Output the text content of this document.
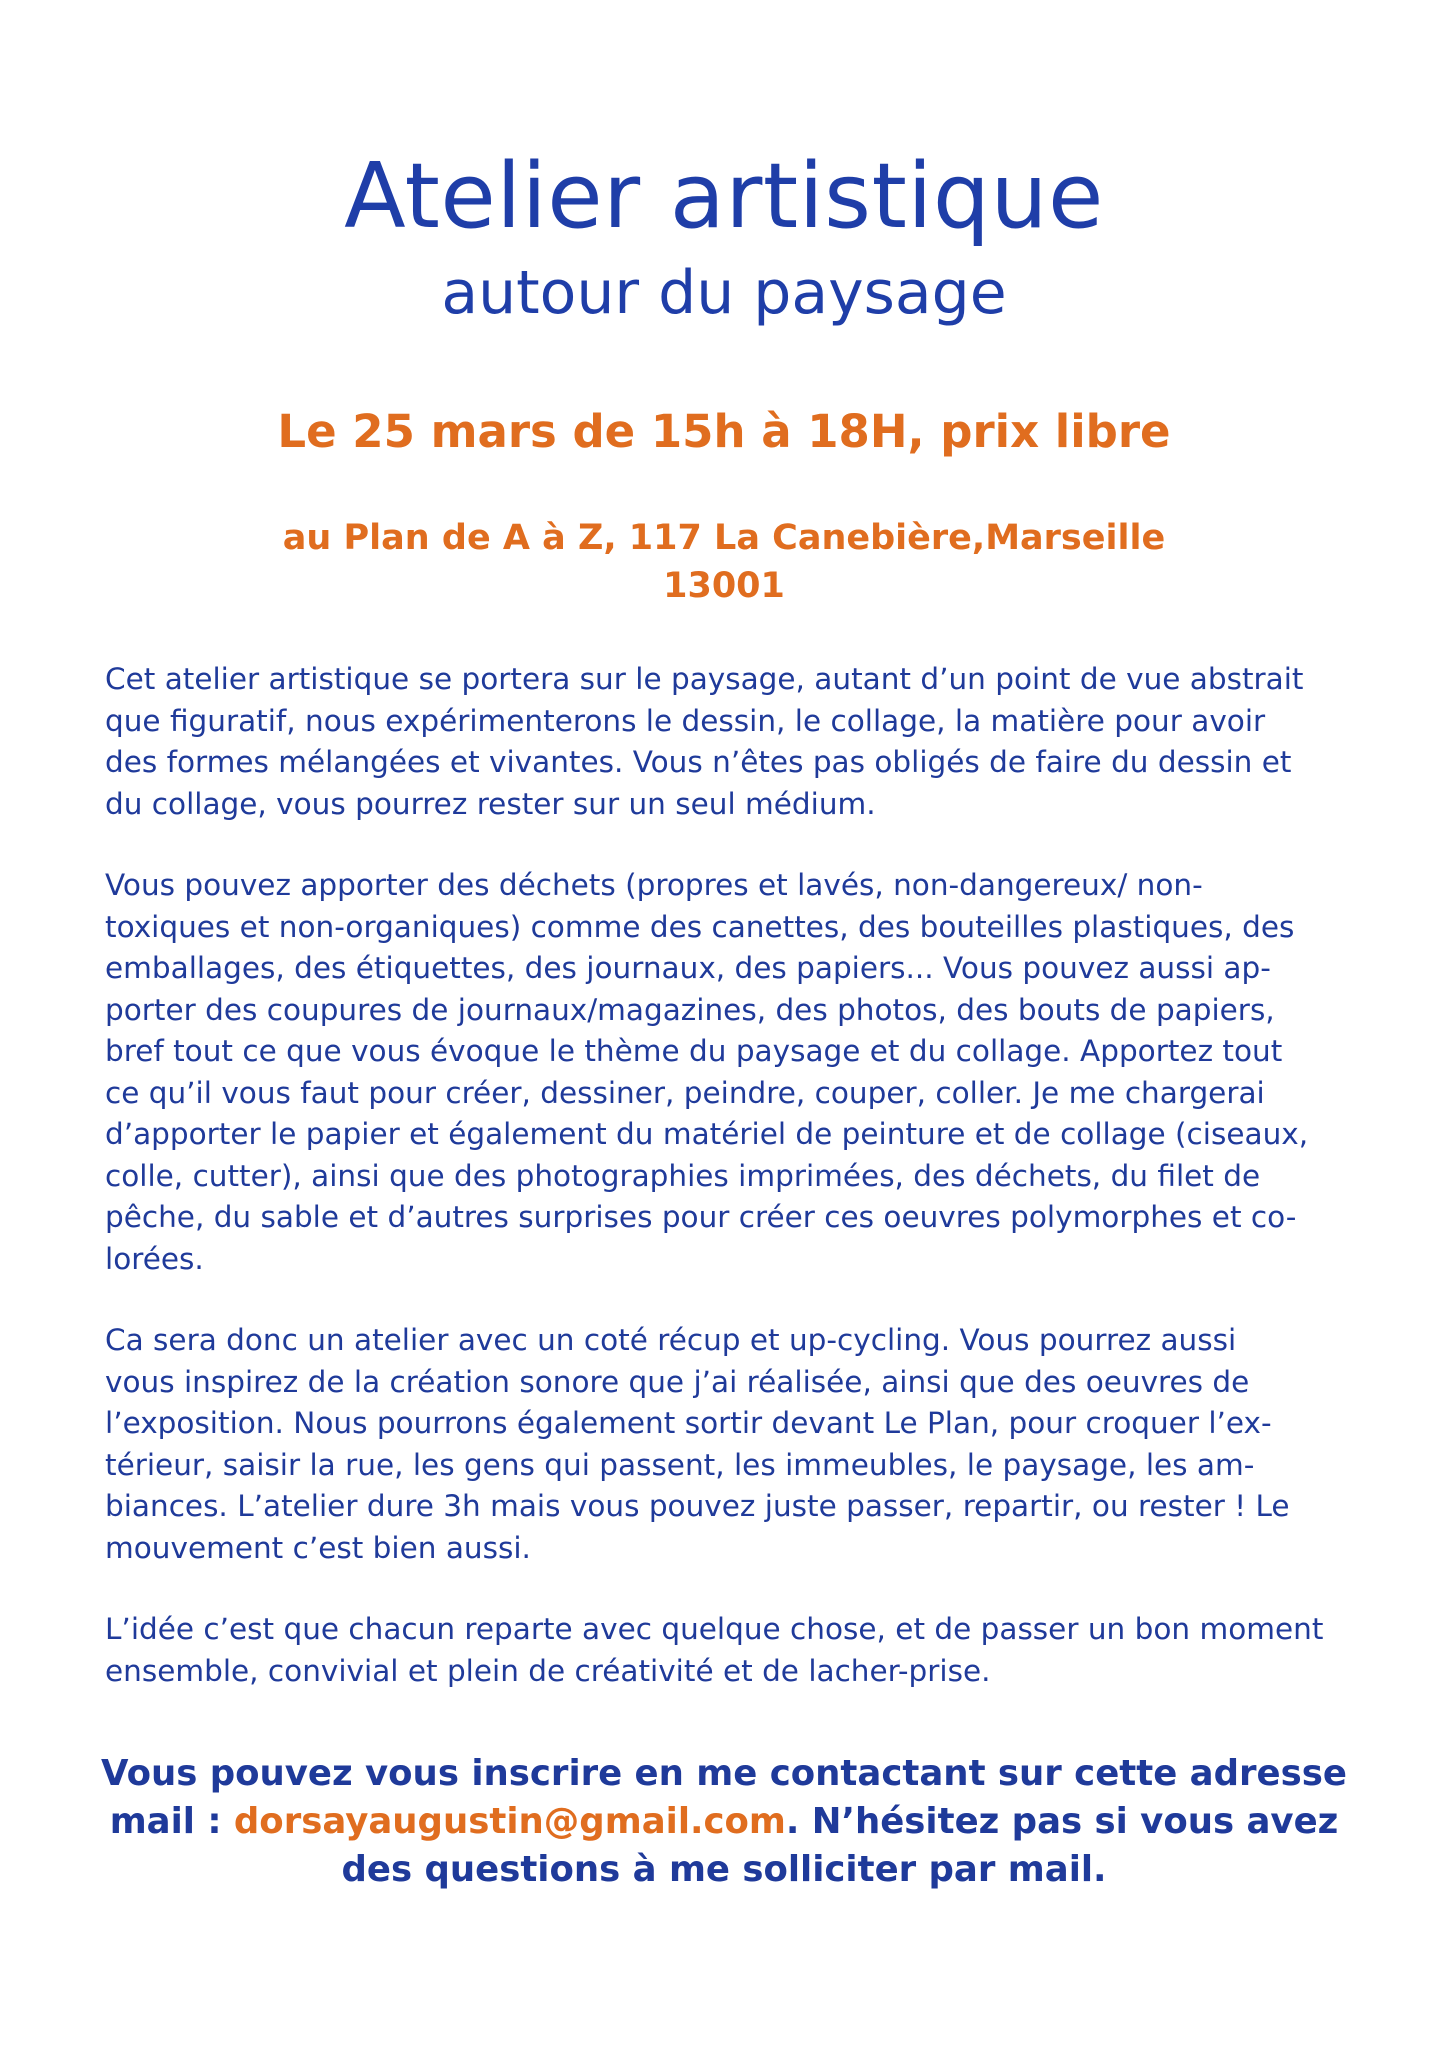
Atelier artistique
autour du paysage
Le 25 mars de 15h à 18H, prix libre
au Plan de A à Z, 117 La Canebière,Marseille
13001
Cet atelier artistique se portera sur le paysage, autant d’un point de vue abstrait
que figuratif, nous expérimenterons le dessin, le collage, la matière pour avoir
des formes mélangées et vivantes. Vous n’êtes pas obligés de faire du dessin et
du collage, vous pourrez rester sur un seul médium.
Vous pouvez apporter des déchets (propres et lavés, non-dangereux/ non-
toxiques et non-organiques) comme des canettes, des bouteilles plastiques, des
emballages, des étiquettes, des journaux, des papiers... Vous pouvez aussi ap-
porter des coupures de journaux/magazines, des photos, des bouts de papiers,
bref tout ce que vous évoque le thème du paysage et du collage. Apportez tout
ce qu’il vous faut pour créer, dessiner, peindre, couper, coller. Je me chargerai
d’apporter le papier et également du matériel de peinture et de collage (ciseaux,
colle, cutter), ainsi que des photographies imprimées, des déchets, du filet de
pêche, du sable et d’autres surprises pour créer ces oeuvres polymorphes et co-
lorées.
Ca sera donc un atelier avec un coté récup et up-cycling. Vous pourrez aussi
vous inspirez de la création sonore que j’ai réalisée, ainsi que des oeuvres de
l’exposition. Nous pourrons également sortir devant Le Plan, pour croquer l’ex-
térieur, saisir la rue, les gens qui passent, les immeubles, le paysage, les am-
biances. L’atelier dure 3h mais vous pouvez juste passer, repartir, ou rester ! Le
mouvement c’est bien aussi.
L’idée c’est que chacun reparte avec quelque chose, et de passer un bon moment
ensemble, convivial et plein de créativité et de lacher-prise.
Vous pouvez vous inscrire en me contactant sur cette adresse
mail : dorsayaugustin@gmail.com. N’hésitez pas si vous avez
des questions à me solliciter par mail.
